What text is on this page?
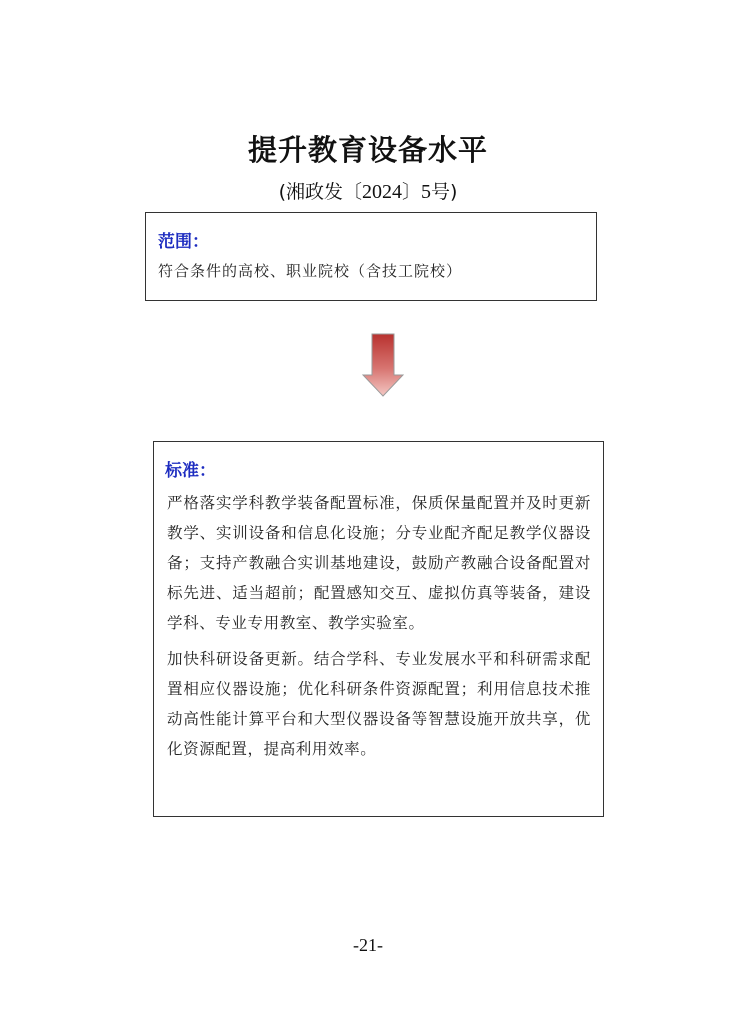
提升教育设备水平
(湘政发〔2024〕5号)
范围：
符合条件的高校、职业院校（含技工院校）
标准：

严格落实学科教学装备配置标准，保质保量配置并及时更新教学、实训设备和信息化设施；分专业配齐配足教学仪器设备；支持产教融合实训基地建设，鼓励产教融合设备配置对标先进、适当超前；配置感知交互、虚拟仿真等装备，建设学科、专业专用教室、教学实验室。

加快科研设备更新。结合学科、专业发展水平和科研需求配置相应仪器设施；优化科研条件资源配置；利用信息技术推动高性能计算平台和大型仪器设备等智慧设施开放共享，优化资源配置，提高利用效率。

-21-
